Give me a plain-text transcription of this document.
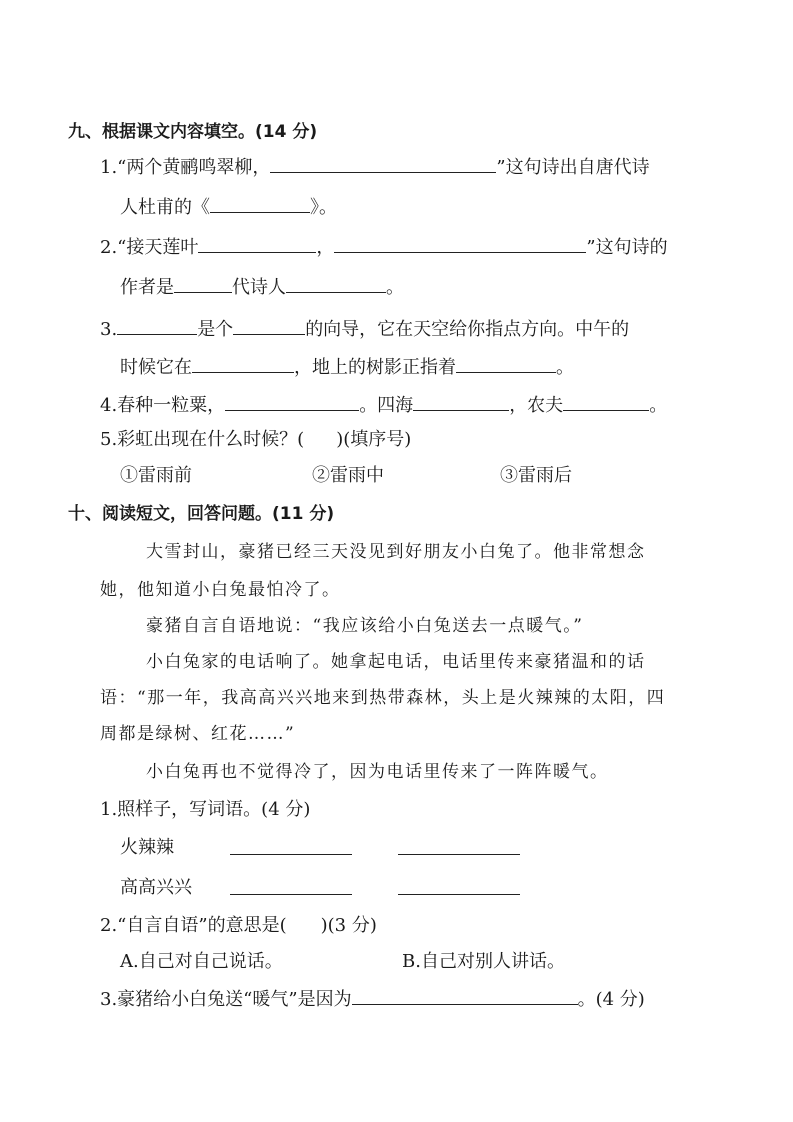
九、根据课文内容填空。(14 分)
1.“两个黄鹂鸣翠柳，	”这句诗出自唐代诗
人杜甫的《	》。
2.“接天莲叶	，	”这句诗的
作者是	代诗人	。
3.	是个	的向导，它在天空给你指点方向。中午的
时候它在	，地上的树影正指着	。
4.春种一粒粟，	。四海	，农夫	。
5.彩虹出现在什么时候？( )(填序号)
①雷雨前	②雷雨中	③雷雨后
十、阅读短文，回答问题。(11 分)
大雪封山，豪猪已经三天没见到好朋友小白兔了。他非常想念
她，他知道小白兔最怕冷了。
豪猪自言自语地说：“我应该给小白兔送去一点暖气。”
小白兔家的电话响了。她拿起电话，电话里传来豪猪温和的话
语：“那一年，我高高兴兴地来到热带森林，头上是火辣辣的太阳，四
周都是绿树、红花……”
小白兔再也不觉得冷了，因为电话里传来了一阵阵暖气。
1.照样子，写词语。(4 分)
火辣辣
高高兴兴
2.“自言自语”的意思是( )(3 分)
A.自己对自己说话。	B.自己对别人讲话。
3.豪猪给小白兔送“暖气”是因为	。(4 分)
